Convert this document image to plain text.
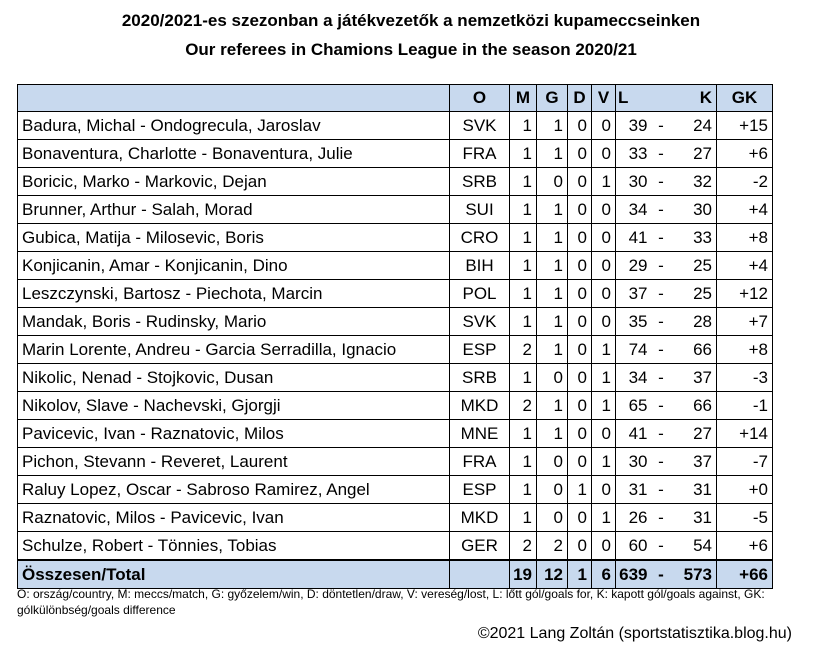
2020/2021-es szezonban a játékvezetők a nemzetközi kupameccseinken
Our referees in Chamions League in the season 2020/21
	O	M	G	D	V	L		K	GK
Badura, Michal - Ondogrecula, Jaroslav	SVK	1	1	0	0	39	-	24	+15
Bonaventura, Charlotte - Bonaventura, Julie	FRA	1	1	0	0	33	-	27	+6
Boricic, Marko - Markovic, Dejan	SRB	1	0	0	1	30	-	32	-2
Brunner, Arthur - Salah, Morad	SUI	1	1	0	0	34	-	30	+4
Gubica, Matija - Milosevic, Boris	CRO	1	1	0	0	41	-	33	+8
Konjicanin, Amar - Konjicanin, Dino	BIH	1	1	0	0	29	-	25	+4
Leszczynski, Bartosz - Piechota, Marcin	POL	1	1	0	0	37	-	25	+12
Mandak, Boris - Rudinsky, Mario	SVK	1	1	0	0	35	-	28	+7
Marin Lorente, Andreu - Garcia Serradilla, Ignacio	ESP	2	1	0	1	74	-	66	+8
Nikolic, Nenad - Stojkovic, Dusan	SRB	1	0	0	1	34	-	37	-3
Nikolov, Slave - Nachevski, Gjorgji	MKD	2	1	0	1	65	-	66	-1
Pavicevic, Ivan - Raznatovic, Milos	MNE	1	1	0	0	41	-	27	+14
Pichon, Stevann - Reveret, Laurent	FRA	1	0	0	1	30	-	37	-7
Raluy Lopez, Oscar - Sabroso Ramirez, Angel	ESP	1	0	1	0	31	-	31	+0
Raznatovic, Milos - Pavicevic, Ivan	MKD	1	0	0	1	26	-	31	-5
Schulze, Robert - Tönnies, Tobias	GER	2	2	0	0	60	-	54	+6
Összesen/Total		19	12	1	6	639	-	573	+66
O: ország/country, M: meccs/match, G: győzelem/win, D: döntetlen/draw, V: vereség/lost, L: lőtt gól/goals for, K: kapott gól/goals against, GK: gólkülönbség/goals difference
©2021 Lang Zoltán (sportstatisztika.blog.hu)
